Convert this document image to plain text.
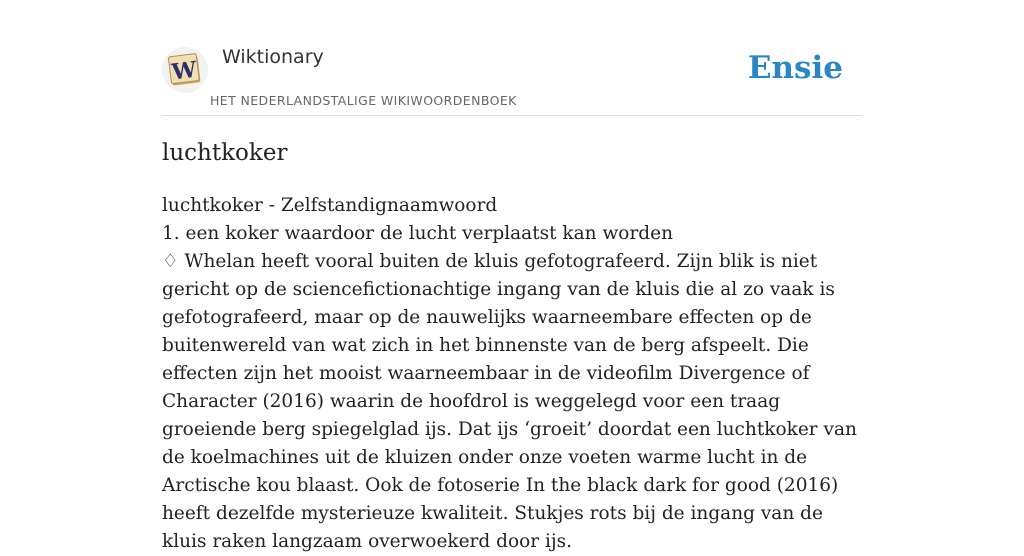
W Wiktionary
HET NEDERLANDSTALIGE WIKIWOORDENBOEK
Ensie
luchtkoker

luchtkoker - Zelfstandignaamwoord

1. een koker waardoor de lucht verplaatst kan worden

♢ Whelan heeft vooral buiten de kluis gefotografeerd. Zijn blik is niet gericht op de sciencefictionachtige ingang van de kluis die al zo vaak is gefotografeerd, maar op de nauwelijks waarneembare effecten op de buitenwereld van wat zich in het binnenste van de berg afspeelt. Die effecten zijn het mooist waarneembaar in de videofilm Divergence of Character (2016) waarin de hoofdrol is weggelegd voor een traag groeiende berg spiegelglad ijs. Dat ijs ‘groeit’ doordat een luchtkoker van de koelmachines uit de kluizen onder onze voeten warme lucht in de Arctische kou blaast. Ook de fotoserie In the black dark for good (2016) heeft dezelfde mysterieuze kwaliteit. Stukjes rots bij de ingang van de kluis raken langzaam overwoekerd door ijs.
